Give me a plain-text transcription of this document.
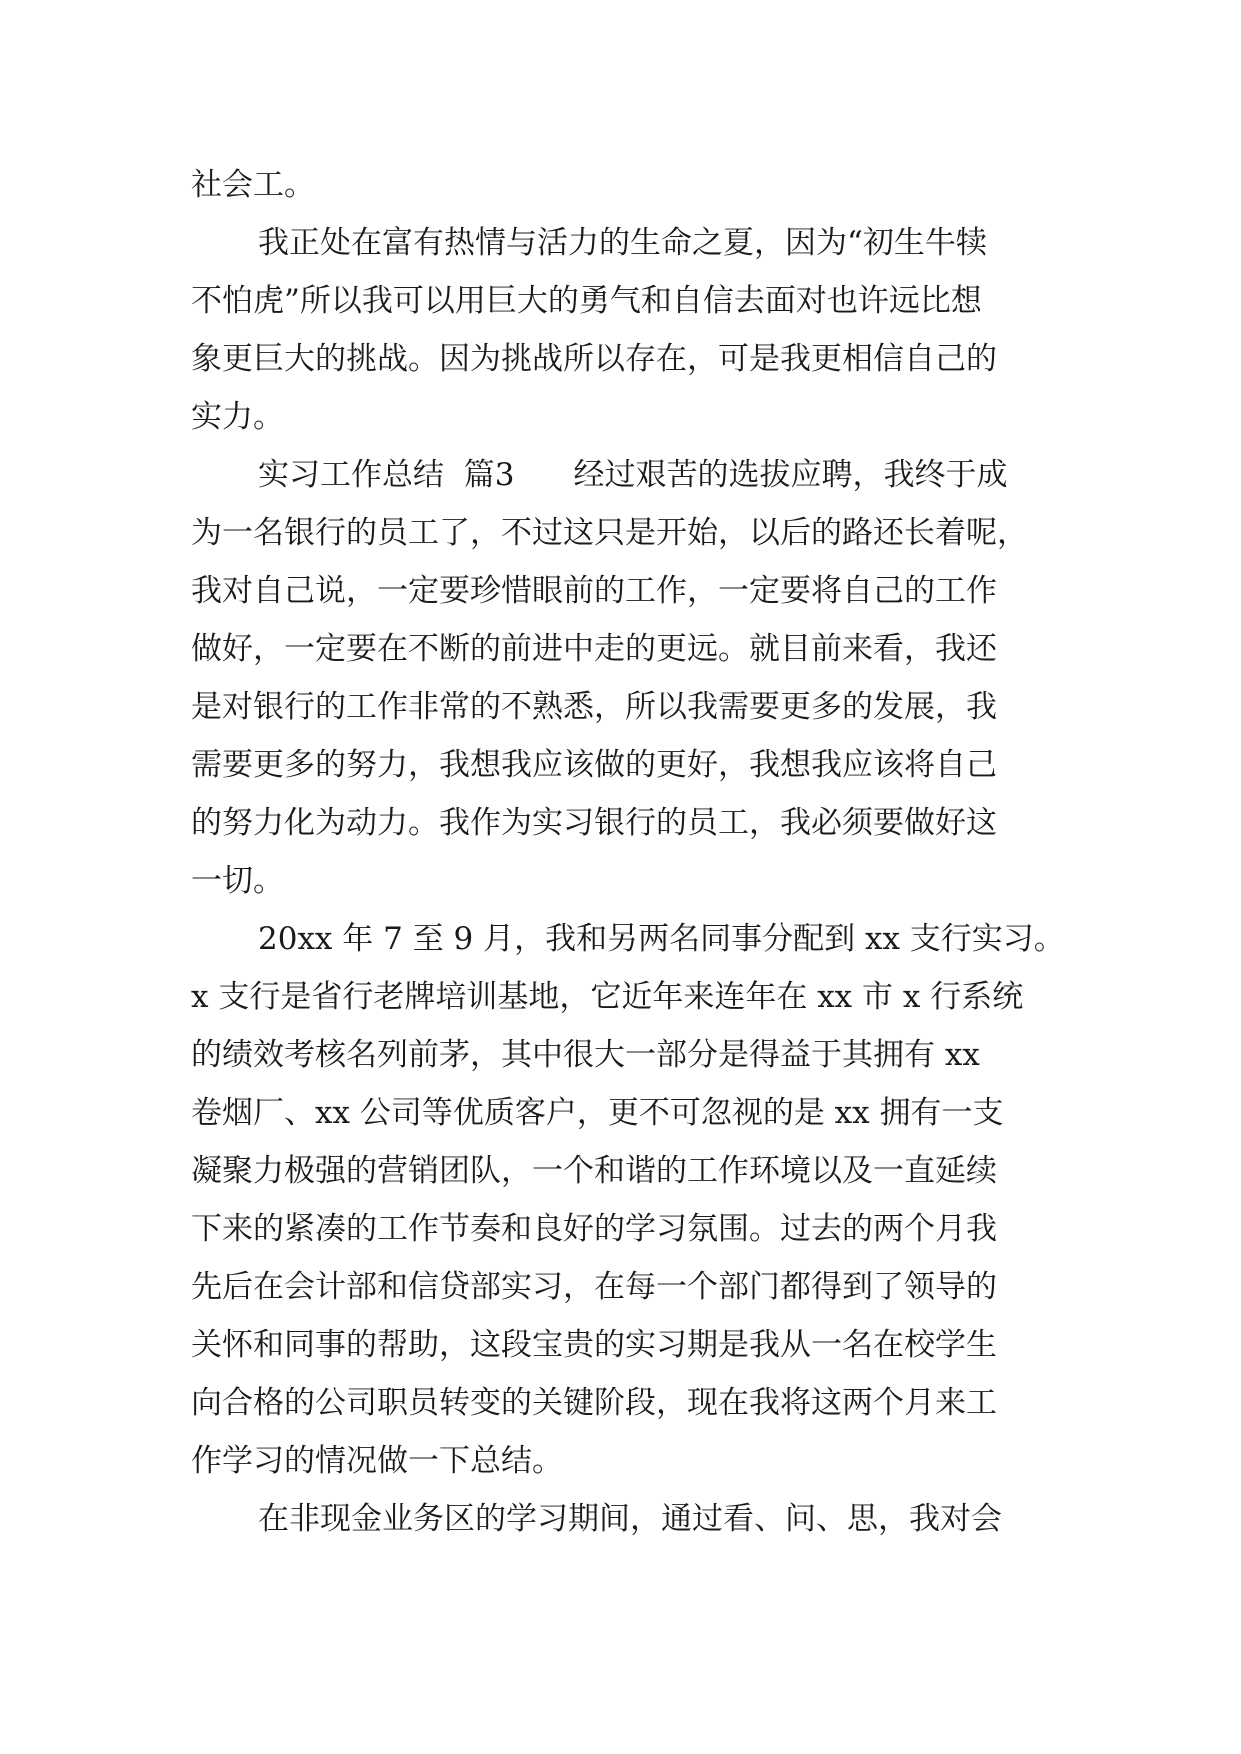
社会工。
我正处在富有热情与活力的生命之夏，因为“初生牛犊
不怕虎”所以我可以用巨大的勇气和自信去面对也许远比想
象更巨大的挑战。因为挑战所以存在，可是我更相信自己的
实力。
实习工作总结  篇3      经过艰苦的选拔应聘，我终于成
为一名银行的员工了，不过这只是开始，以后的路还长着呢，
我对自己说，一定要珍惜眼前的工作，一定要将自己的工作
做好，一定要在不断的前进中走的更远。就目前来看，我还
是对银行的工作非常的不熟悉，所以我需要更多的发展，我
需要更多的努力，我想我应该做的更好，我想我应该将自己
的努力化为动力。我作为实习银行的员工，我必须要做好这
一切。
20xx 年 7 至 9 月，我和另两名同事分配到 xx 支行实习。
x 支行是省行老牌培训基地，它近年来连年在 xx 市 x 行系统
的绩效考核名列前茅，其中很大一部分是得益于其拥有 xx
卷烟厂、xx 公司等优质客户，更不可忽视的是 xx 拥有一支
凝聚力极强的营销团队，一个和谐的工作环境以及一直延续
下来的紧凑的工作节奏和良好的学习氛围。过去的两个月我
先后在会计部和信贷部实习，在每一个部门都得到了领导的
关怀和同事的帮助，这段宝贵的实习期是我从一名在校学生
向合格的公司职员转变的关键阶段，现在我将这两个月来工
作学习的情况做一下总结。
在非现金业务区的学习期间，通过看、问、思，我对会
